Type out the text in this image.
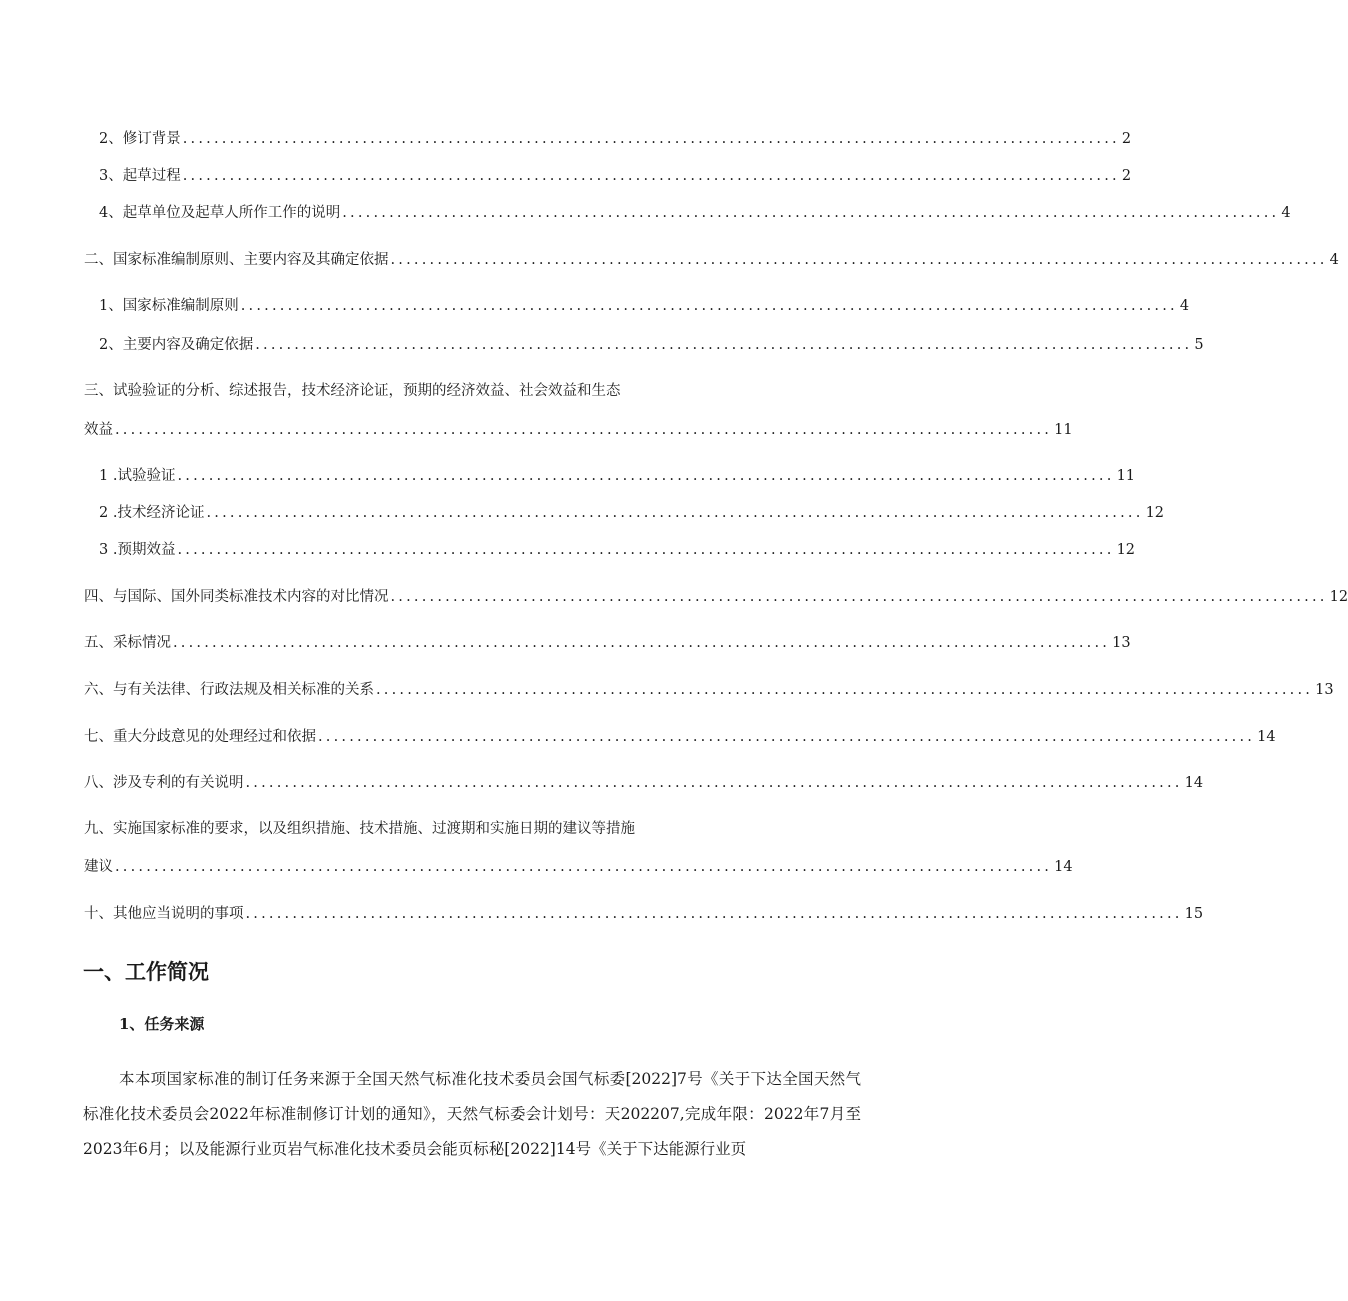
2、修订背景 ........................................................................................................................ 2
3、起草过程 ........................................................................................................................ 2
4、起草单位及起草人所作工作的说明 ........................................................................................................................ 4
二、国家标准编制原则、主要内容及其确定依据 ........................................................................................................................ 4
1、国家标准编制原则 ........................................................................................................................ 4
2、主要内容及确定依据 ........................................................................................................................ 5
三、试验验证的分析、综述报告，技术经济论证，预期的经济效益、社会效益和生态
效益 ........................................................................................................................ 11
1 .试验验证 ........................................................................................................................ 11
2 .技术经济论证 ........................................................................................................................ 12
3 .预期效益 ........................................................................................................................ 12
四、与国际、国外同类标准技术内容的对比情况 ........................................................................................................................ 12
五、采标情况 ........................................................................................................................ 13
六、与有关法律、行政法规及相关标准的关系 ........................................................................................................................ 13
七、重大分歧意见的处理经过和依据 ........................................................................................................................ 14
八、涉及专利的有关说明 ........................................................................................................................ 14
九、实施国家标准的要求，以及组织措施、技术措施、过渡期和实施日期的建议等措施
建议 ........................................................................................................................ 14
十、其他应当说明的事项 ........................................................................................................................ 15
一、工作简况
1、任务来源

本本项国家标准的制订任务来源于全国天然气标准化技术委员会国气标委[2022]7号《关于下达全国天然气标准化技术委员会2022年标准制修订计划的通知》，天然气标委会计划号：天202207,完成年限：2022年7月至2023年6月；以及能源行业页岩气标准化技术委员会能页标秘[2022]14号《关于下达能源行业页
